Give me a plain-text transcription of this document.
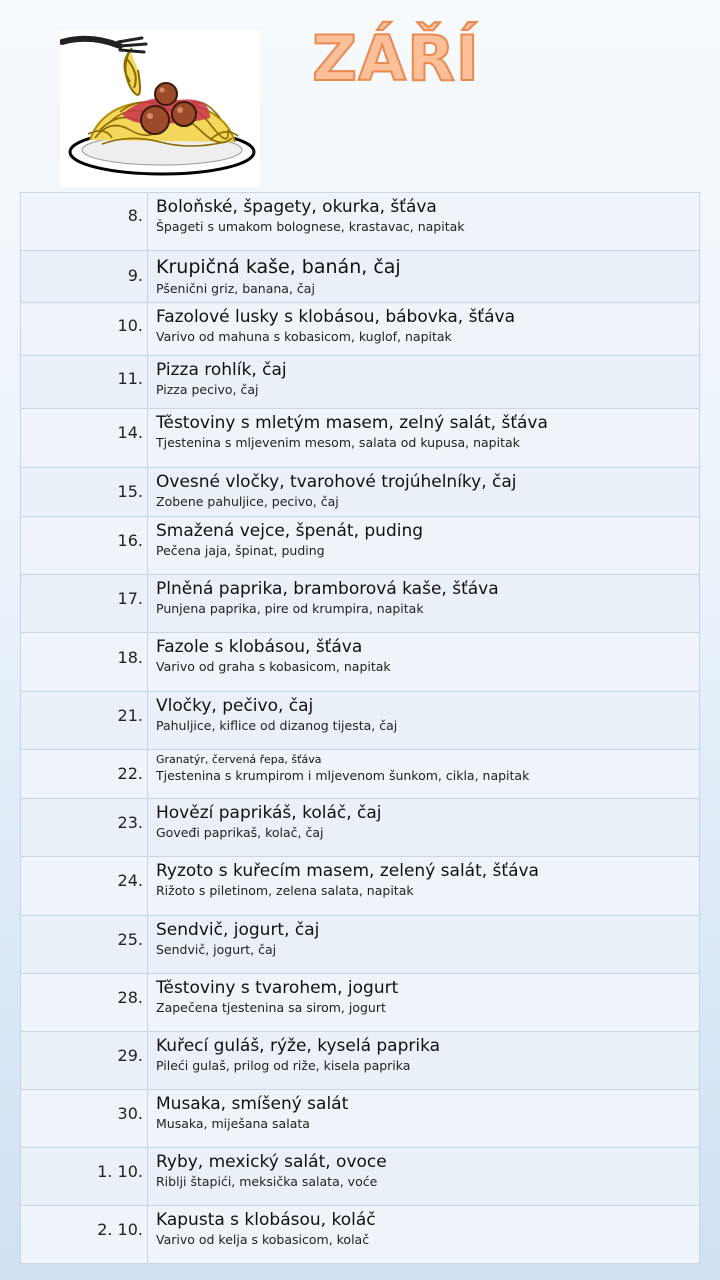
ZÁŘÍ
8.	Boloňské, špagety, okurka, šťáva
Špageti s umakom bolognese, krastavac, napitak

9.	Krupičná kaše, banán, čaj
Pšenični griz, banana, čaj

10.	Fazolové lusky s klobásou, bábovka, šťáva
Varivo od mahuna s kobasicom, kuglof, napitak

11.	Pizza rohlík, čaj
Pizza pecivo, čaj

14.	Těstoviny s mletým masem, zelný salát, šťáva
Tjestenina s mljevenim mesom, salata od kupusa, napitak

15.	Ovesné vločky, tvarohové trojúhelníky, čaj
Zobene pahuljice, pecivo, čaj

16.	Smažená vejce, špenát, puding
Pečena jaja, špinat, puding

17.	Plněná paprika, bramborová kaše, šťáva
Punjena paprika, pire od krumpira, napitak

18.	Fazole s klobásou, šťáva
Varivo od graha s kobasicom, napitak

21.	Vločky, pečivo, čaj
Pahuljice, kiflice od dizanog tijesta, čaj

22.	Granatýr, červená řepa, šťáva
Tjestenina s krumpirom i mljevenom šunkom, cikla, napitak

23.	Hovězí paprikáš, koláč, čaj
Goveđi paprikaš, kolač, čaj

24.	Ryzoto s kuřecím masem, zelený salát, šťáva
Rižoto s piletinom, zelena salata, napitak

25.	Sendvič, jogurt, čaj
Sendvič, jogurt, čaj

28.	Těstoviny s tvarohem, jogurt
Zapečena tjestenina sa sirom, jogurt

29.	Kuřecí guláš, rýže, kyselá paprika
Pileći gulaš, prilog od riže, kisela paprika

30.	Musaka, smíšený salát
Musaka, miješana salata

1. 10.	Ryby, mexický salát, ovoce
Riblji štapići, meksička salata, voće

2. 10.	Kapusta s klobásou, koláč
Varivo od kelja s kobasicom, kolač
